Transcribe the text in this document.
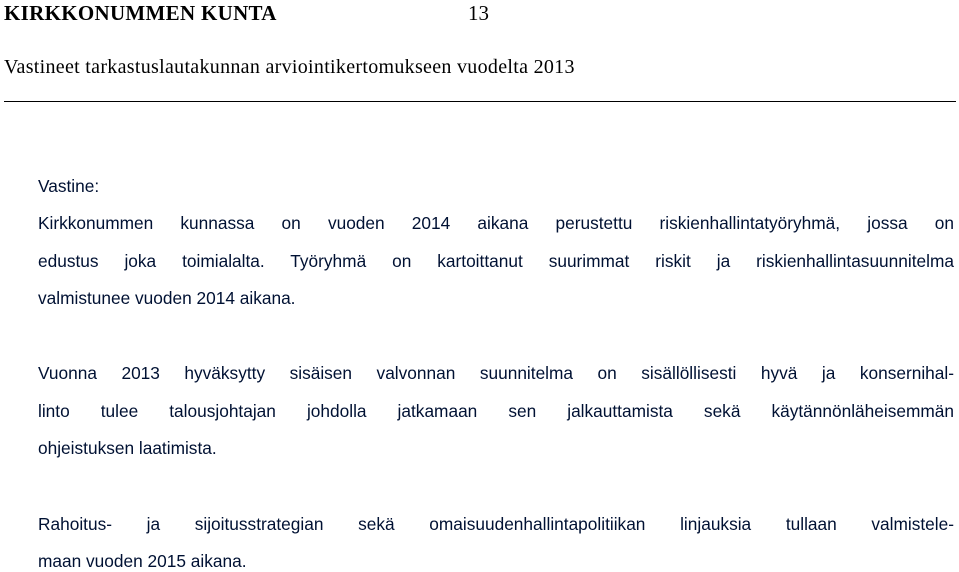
KIRKKONUMMEN KUNTA	13
Vastineet tarkastuslautakunnan arviointikertomukseen vuodelta 2013
Vastine:
Kirkkonummen kunnassa on vuoden 2014 aikana perustettu riskienhallintatyöryhmä, jossa on
edustus joka toimialalta. Työryhmä on kartoittanut suurimmat riskit ja riskienhallintasuunnitelma
valmistunee vuoden 2014 aikana.
Vuonna 2013 hyväksytty sisäisen valvonnan suunnitelma on sisällöllisesti hyvä ja konsernihal-
linto tulee talousjohtajan johdolla jatkamaan sen jalkauttamista sekä käytännönläheisemmän
ohjeistuksen laatimista.
Rahoitus- ja sijoitusstrategian sekä omaisuudenhallintapolitiikan linjauksia tullaan valmistele-
maan vuoden 2015 aikana.
